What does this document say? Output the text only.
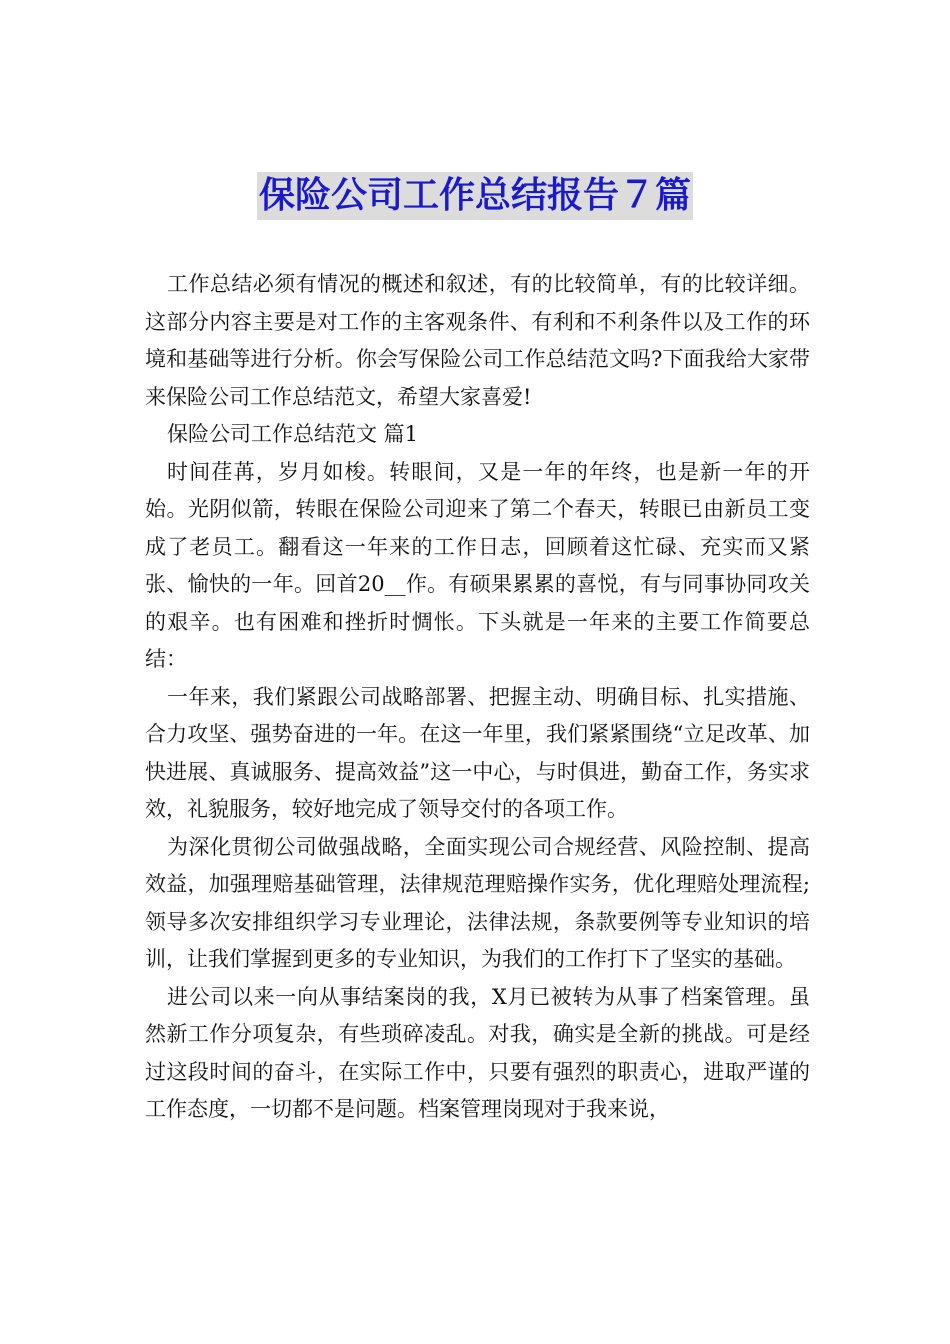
保险公司工作总结报告７篇

工作总结必须有情况的概述和叙述，有的比较简单，有的比较详细。这部分内容主要是对工作的主客观条件、有利和不利条件以及工作的环境和基础等进行分析。你会写保险公司工作总结范文吗?下面我给大家带来保险公司工作总结范文，希望大家喜爱!

保险公司工作总结范文 篇1

时间荏苒，岁月如梭。转眼间，又是一年的年终，也是新一年的开始。光阴似箭，转眼在保险公司迎来了第二个春天，转眼已由新员工变成了老员工。翻看这一年来的工作日志，回顾着这忙碌、充实而又紧张、愉快的一年。回首20__作。有硕果累累的喜悦，有与同事协同攻关的艰辛。也有困难和挫折时惆怅。下头就是一年来的主要工作简要总结：

一年来，我们紧跟公司战略部署、把握主动、明确目标、扎实措施、合力攻坚、强势奋进的一年。在这一年里，我们紧紧围绕“立足改革、加快进展、真诚服务、提高效益”这一中心，与时俱进，勤奋工作，务实求效，礼貌服务，较好地完成了领导交付的各项工作。

为深化贯彻公司做强战略，全面实现公司合规经营、风险控制、提高效益，加强理赔基础管理，法律规范理赔操作实务，优化理赔处理流程;领导多次安排组织学习专业理论，法律法规，条款要例等专业知识的培训，让我们掌握到更多的专业知识，为我们的工作打下了坚实的基础。

进公司以来一向从事结案岗的我，X月已被转为从事了档案管理。虽然新工作分项复杂，有些琐碎凌乱。对我，确实是全新的挑战。可是经过这段时间的奋斗，在实际工作中，只要有强烈的职责心，进取严谨的工作态度，一切都不是问题。档案管理岗现对于我来说，
